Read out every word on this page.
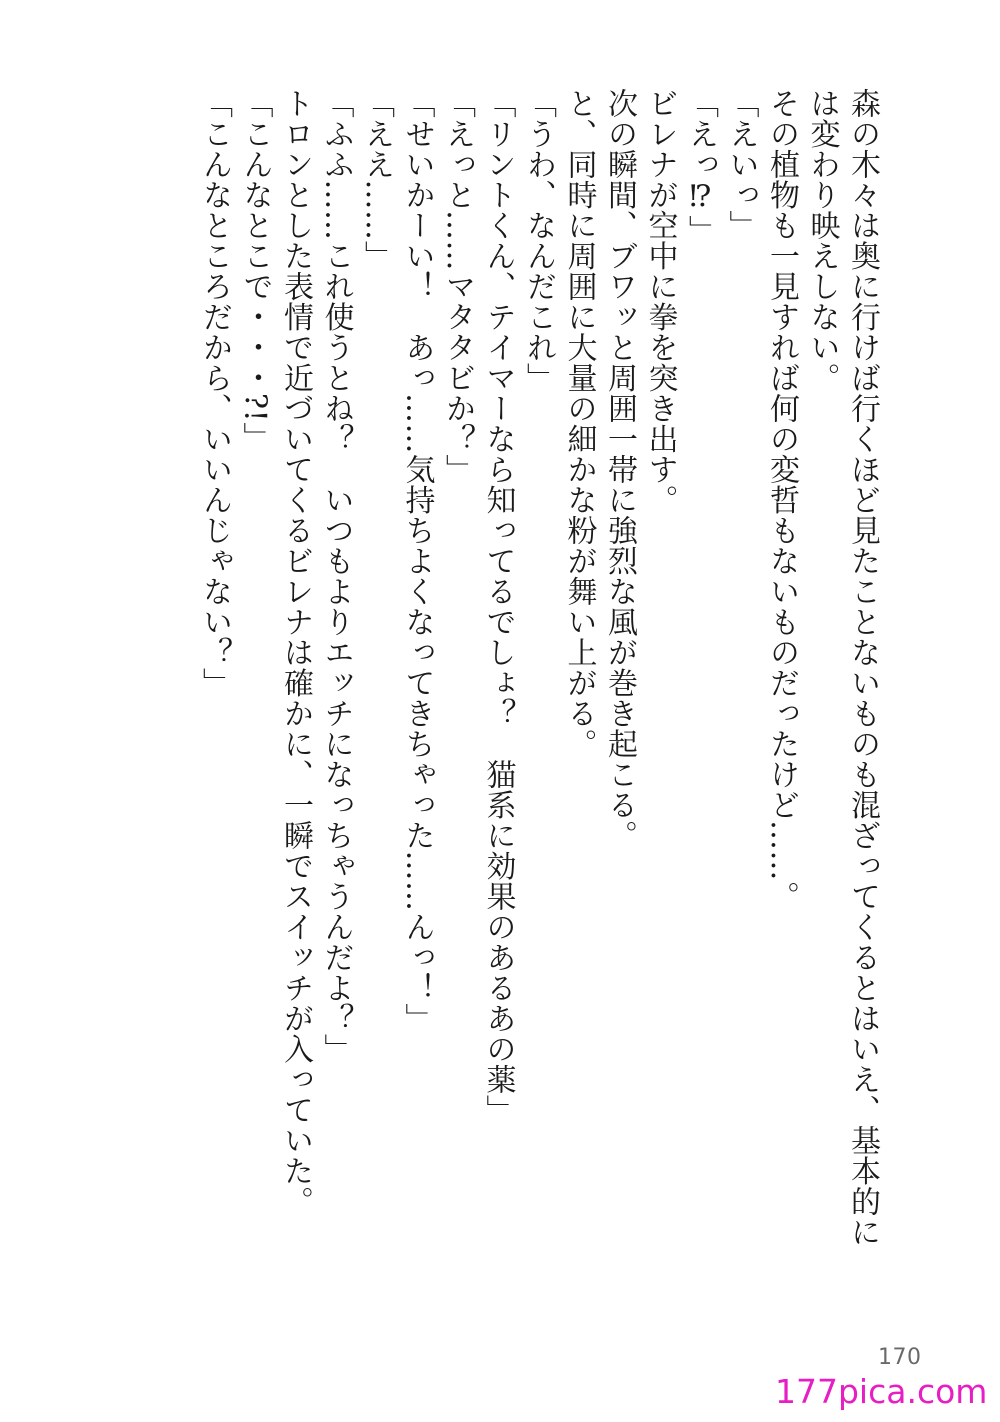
森の木々は奥に行けば行くほど見たことないものも混ざってくるとはいえ、基本的には変わり映えしない。
その植物も一見すれば何の変哲もないものだったけど……。
「えいっ」
「えっ⁉」
ビレナが空中に拳を突き出す。
次の瞬間、ブワッと周囲一帯に強烈な風が巻き起こる。
と、同時に周囲に大量の細かな粉が舞い上がる。
「うわ、なんだこれ」
「リントくん、テイマーなら知ってるでしょ？　猫系に効果のあるあの薬」
「えっと……マタタビか？」
「せいかーい！　あっ……気持ちよくなってきちゃった……んっ！」
「ええ……」
「ふふ……これ使うとね？　いつもよりエッチになっちゃうんだよ？」
トロンとした表情で近づいてくるビレナは確かに、一瞬でスイッチが入っていた。
「こんなとこで・・・?!」
「こんなところだから、いいんじゃない？」
170
177pica.com
